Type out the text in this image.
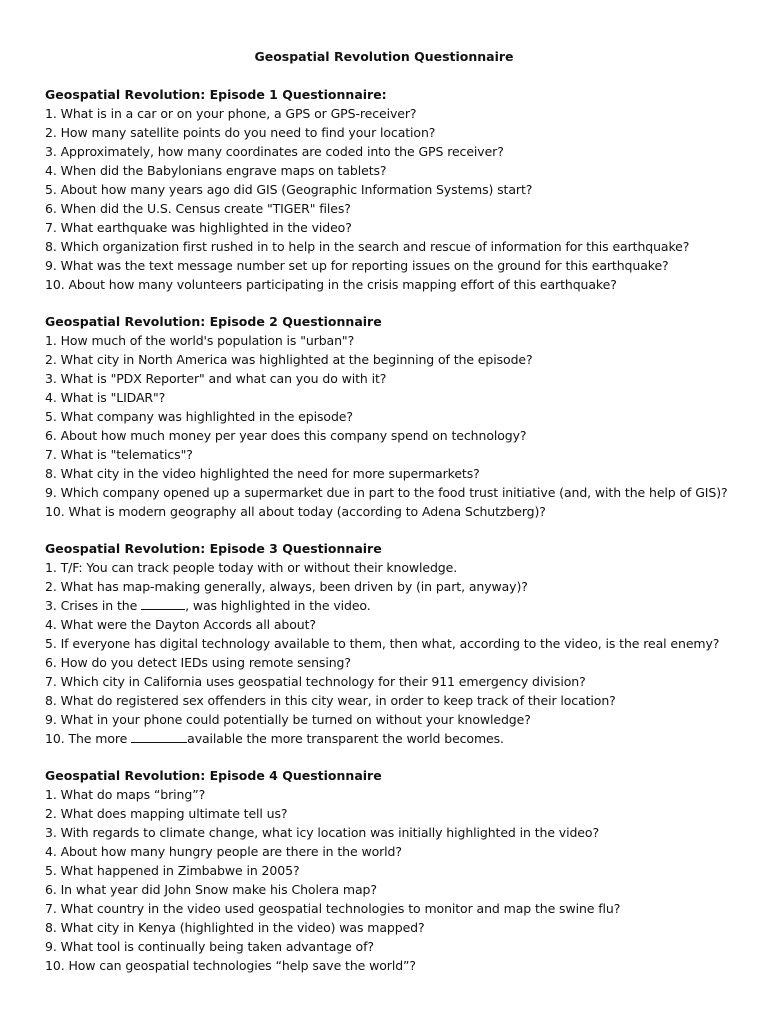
Geospatial Revolution Questionnaire
Geospatial Revolution: Episode 1 Questionnaire:
1. What is in a car or on your phone, a GPS or GPS-receiver?
2. How many satellite points do you need to find your location?
3. Approximately, how many coordinates are coded into the GPS receiver?
4. When did the Babylonians engrave maps on tablets?
5. About how many years ago did GIS (Geographic Information Systems) start?
6. When did the U.S. Census create "TIGER" files?
7. What earthquake was highlighted in the video?
8. Which organization first rushed in to help in the search and rescue of information for this earthquake?
9. What was the text message number set up for reporting issues on the ground for this earthquake?
10. About how many volunteers participating in the crisis mapping effort of this earthquake?
Geospatial Revolution: Episode 2 Questionnaire
1. How much of the world's population is "urban"?
2. What city in North America was highlighted at the beginning of the episode?
3. What is "PDX Reporter" and what can you do with it?
4. What is "LIDAR"?
5. What company was highlighted in the episode?
6. About how much money per year does this company spend on technology?
7. What is "telematics"?
8. What city in the video highlighted the need for more supermarkets?
9. Which company opened up a supermarket due in part to the food trust initiative (and, with the help of GIS)?
10. What is modern geography all about today (according to Adena Schutzberg)?
Geospatial Revolution: Episode 3 Questionnaire
1. T/F: You can track people today with or without their knowledge.
2. What has map-making generally, always, been driven by (in part, anyway)?
3. Crises in the	, was highlighted in the video.
4. What were the Dayton Accords all about?
5. If everyone has digital technology available to them, then what, according to the video, is the real enemy?
6. How do you detect IEDs using remote sensing?
7. Which city in California uses geospatial technology for their 911 emergency division?
8. What do registered sex offenders in this city wear, in order to keep track of their location?
9. What in your phone could potentially be turned on without your knowledge?
10. The more	available the more transparent the world becomes.
Geospatial Revolution: Episode 4 Questionnaire
1. What do maps “bring”?
2. What does mapping ultimate tell us?
3. With regards to climate change, what icy location was initially highlighted in the video?
4. About how many hungry people are there in the world?
5. What happened in Zimbabwe in 2005?
6. In what year did John Snow make his Cholera map?
7. What country in the video used geospatial technologies to monitor and map the swine flu?
8. What city in Kenya (highlighted in the video) was mapped?
9. What tool is continually being taken advantage of?
10. How can geospatial technologies “help save the world”?
